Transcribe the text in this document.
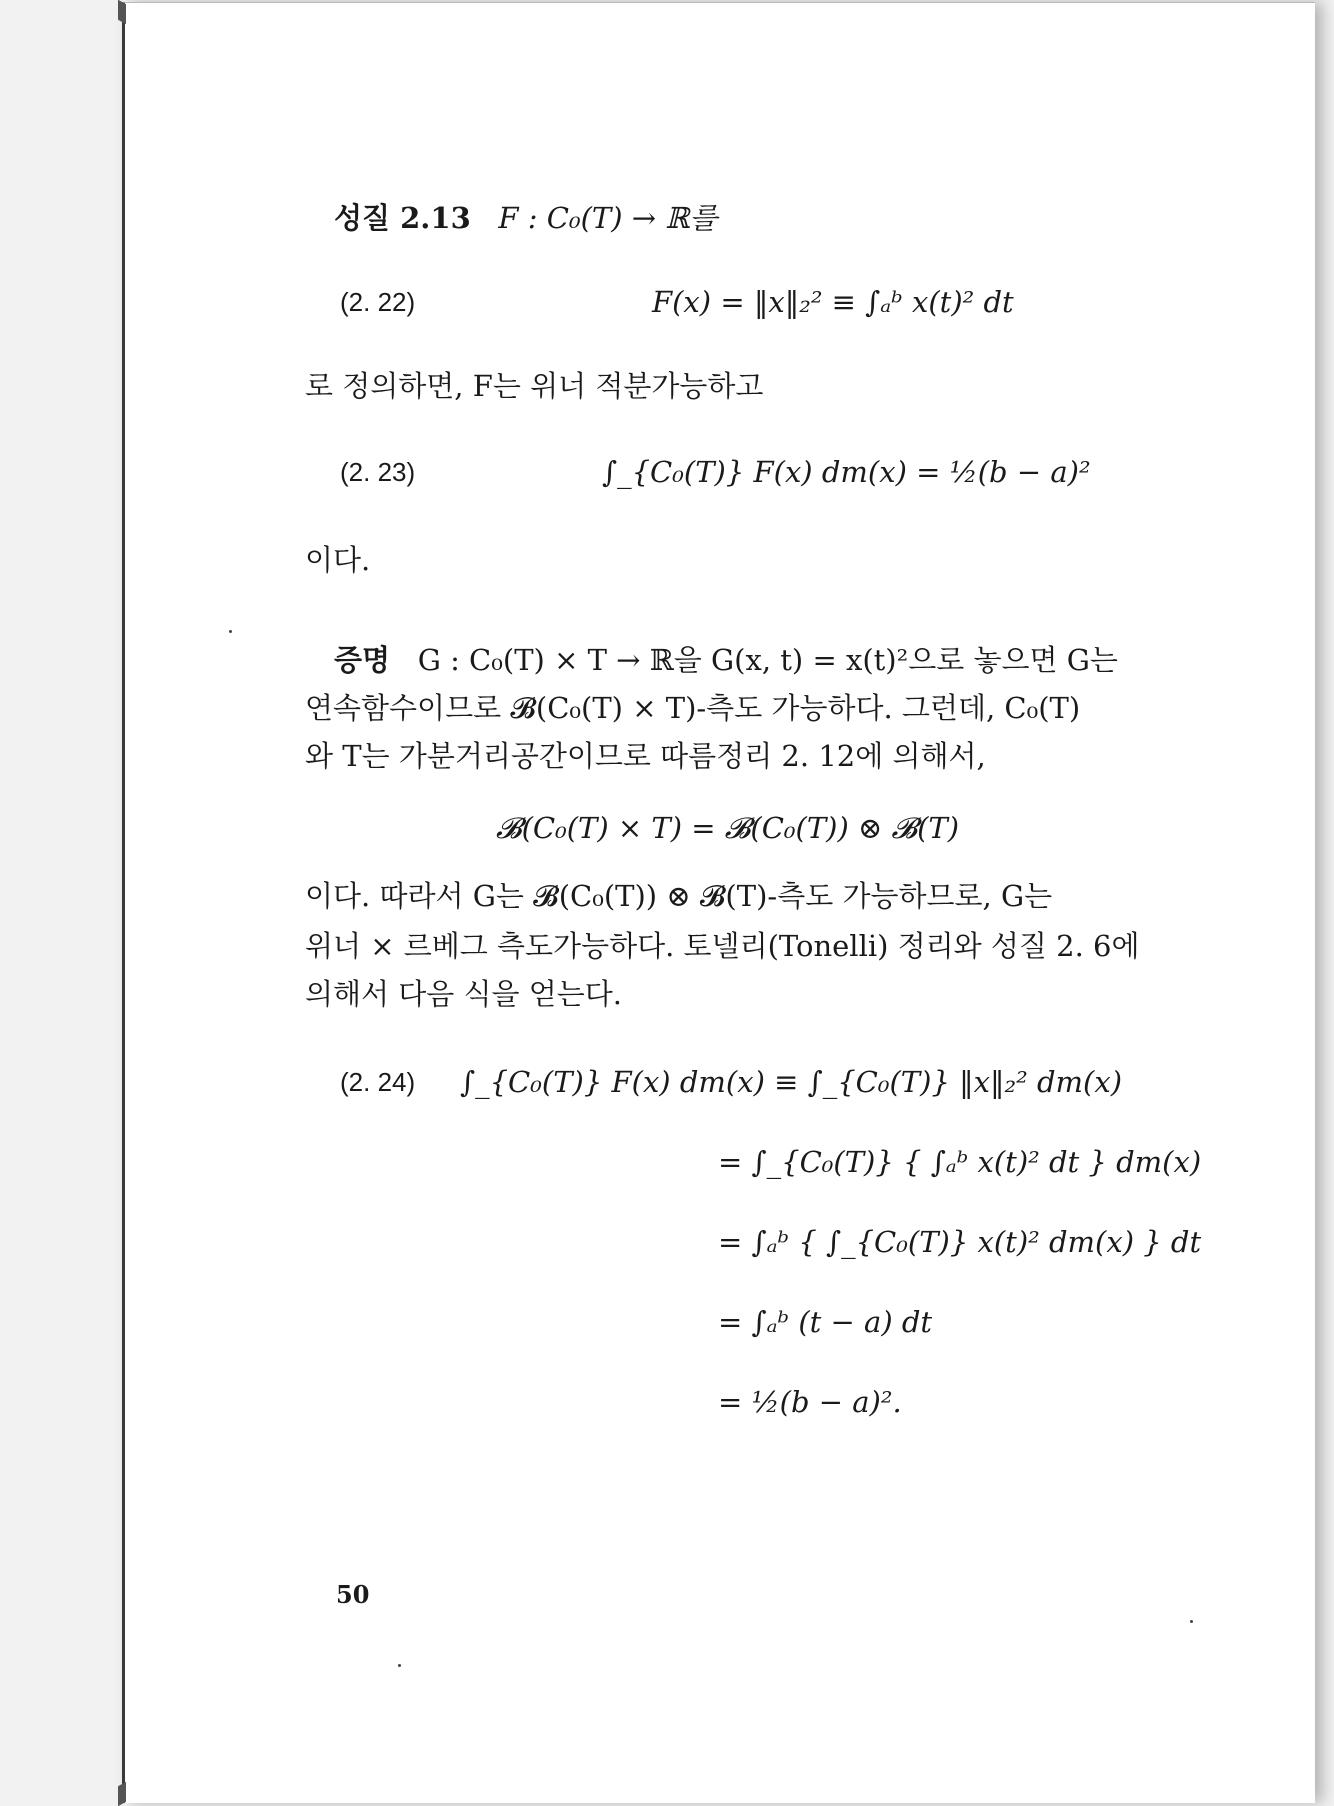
성질 2.13 F : C₀(T) → ℝ를
(2. 22)	F(x) = ‖x‖₂² ≡ ∫ₐᵇ x(t)² dt
로 정의하면, F는 위너 적분가능하고
(2. 23)	∫_{C₀(T)} F(x) dm(x) = ½(b − a)²
이다.
증명 G : C₀(T) × T → ℝ을 G(x, t) = x(t)²으로 놓으면 G는
연속함수이므로 𝓑(C₀(T) × T)-측도 가능하다. 그런데, C₀(T)
와 T는 가분거리공간이므로 따름정리 2. 12에 의해서,
𝓑(C₀(T) × T) = 𝓑(C₀(T)) ⊗ 𝓑(T)
이다. 따라서 G는 𝓑(C₀(T)) ⊗ 𝓑(T)-측도 가능하므로, G는
위너 × 르베그 측도가능하다. 토넬리(Tonelli) 정리와 성질 2. 6에
의해서 다음 식을 얻는다.
(2. 24) ∫_{C₀(T)} F(x) dm(x) ≡ ∫_{C₀(T)} ‖x‖₂² dm(x)
= ∫_{C₀(T)} { ∫ₐᵇ x(t)² dt } dm(x)
= ∫ₐᵇ { ∫_{C₀(T)} x(t)² dm(x) } dt
= ∫ₐᵇ (t − a) dt
= ½(b − a)².
50
